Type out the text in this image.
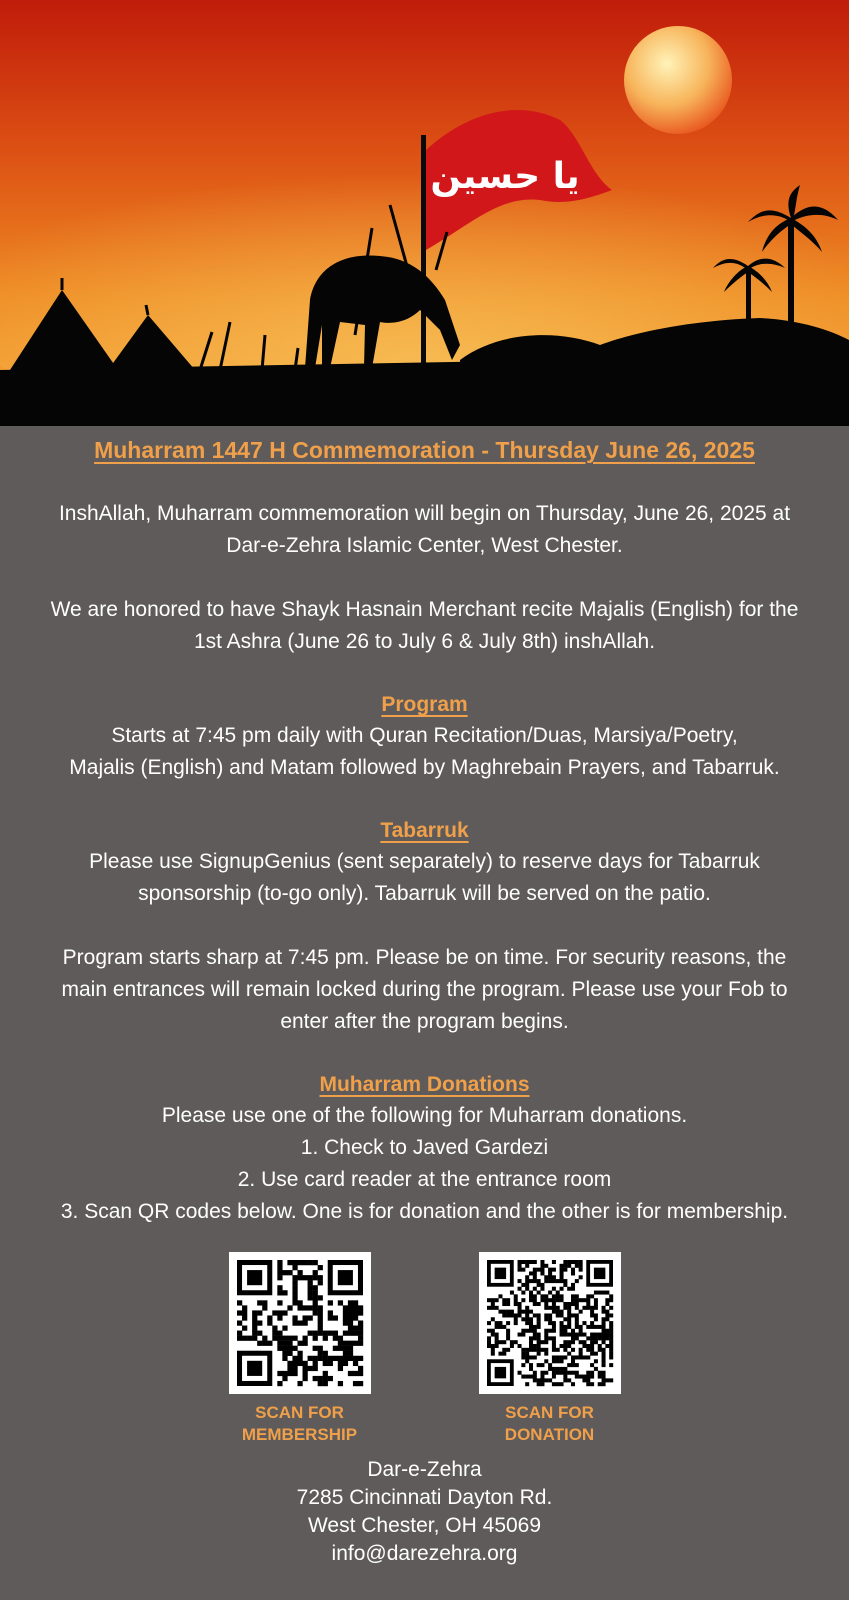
يا حسين

Muharram 1447 H Commemoration - Thursday June 26, 2025

InshAllah, Muharram commemoration will begin on Thursday, June 26, 2025 at

Dar-e-Zehra Islamic Center, West Chester.

We are honored to have Shayk Hasnain Merchant recite Majalis (English) for the

1st Ashra (June 26 to July 6 & July 8th) inshAllah.

Program

Starts at 7:45 pm daily with Quran Recitation/Duas, Marsiya/Poetry,

Majalis (English) and Matam followed by Maghrebain Prayers, and Tabarruk.

Tabarruk

Please use SignupGenius (sent separately) to reserve days for Tabarruk

sponsorship (to-go only). Tabarruk will be served on the patio.

Program starts sharp at 7:45 pm. Please be on time. For security reasons, the

main entrances will remain locked during the program. Please use your Fob to

enter after the program begins.

Muharram Donations

Please use one of the following for Muharram donations.

1. Check to Javed Gardezi

2. Use card reader at the entrance room

3. Scan QR codes below. One is for donation and the other is for membership.

SCAN FOR
MEMBERSHIP
SCAN FOR
DONATION
Dar-e-Zehra
7285 Cincinnati Dayton Rd.
West Chester, OH 45069
info@darezehra.org
